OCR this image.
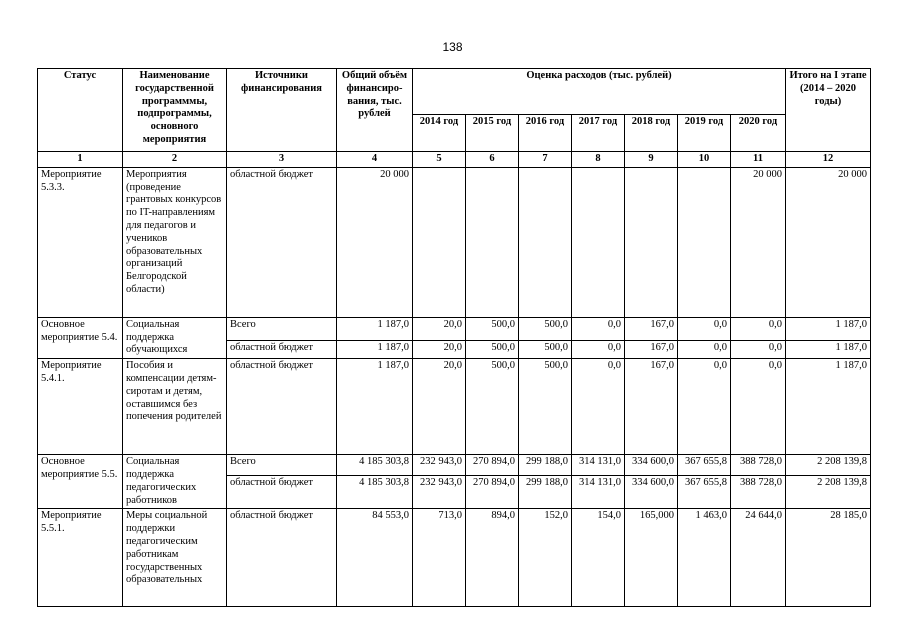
138
Статус	Наименование государственной программмы, подпрограммы, основного мероприятия	Источники финансирования	Общий объём финансиро-вания, тыс. рублей	Оценка расходов (тыс. рублей)							Итого на I этапе (2014 – 2020 годы)
				2014 год	2015 год	2016 год	2017 год	2018 год	2019 год	2020 год	
1	2	3	4	5	6	7	8	9	10	11	12
Мероприятие 5.3.3.	Мероприятия (проведение грантовых конкурсов по IT-направлениям для педагогов и учеников образовательных организаций Белгородской области)	областной бюджет	20 000							20 000	20 000
Основное мероприятие 5.4.	Социальная поддержка обучающихся	Всего	1 187,0	20,0	500,0	500,0	0,0	167,0	0,0	0,0	1 187,0
		областной бюджет	1 187,0	20,0	500,0	500,0	0,0	167,0	0,0	0,0	1 187,0
Мероприятие 5.4.1.	Пособия и компенсации детям-сиротам и детям, оставшимся без попечения родителей	областной бюджет	1 187,0	20,0	500,0	500,0	0,0	167,0	0,0	0,0	1 187,0
Основное мероприятие 5.5.	Социальная поддержка педагогических работников	Всего	4 185 303,8	232 943,0	270 894,0	299 188,0	314 131,0	334 600,0	367 655,8	388 728,0	2 208 139,8
		областной бюджет	4 185 303,8	232 943,0	270 894,0	299 188,0	314 131,0	334 600,0	367 655,8	388 728,0	2 208 139,8
Мероприятие 5.5.1.	Меры социальной поддержки педагогическим работникам государственных образовательных	областной бюджет	84 553,0	713,0	894,0	152,0	154,0	165,000	1 463,0	24 644,0	28 185,0
